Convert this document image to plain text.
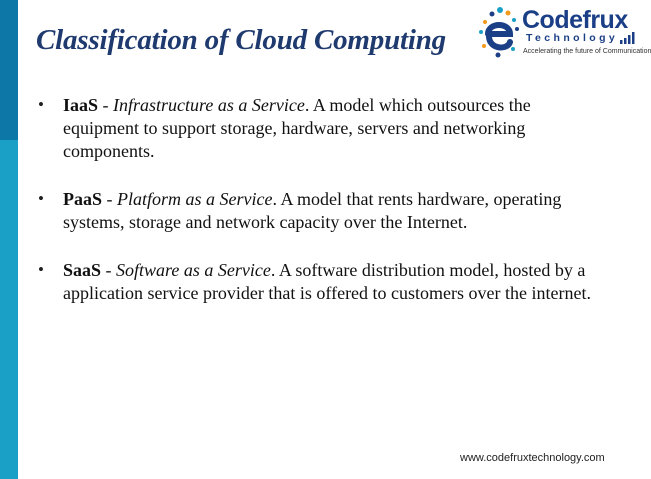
Classification of Cloud Computing
Codefrux
Technology
Accelerating the future of Communication
• IaaS - Infrastructure as a Service. A model which outsources the equipment to support storage, hardware, servers and networking components.
• PaaS - Platform as a Service. A model that rents hardware, operating systems, storage and network capacity over the Internet.
• SaaS - Software as a Service. A software distribution model, hosted by a application service provider that is offered to customers over the internet.
www.codefruxtechnology.com
